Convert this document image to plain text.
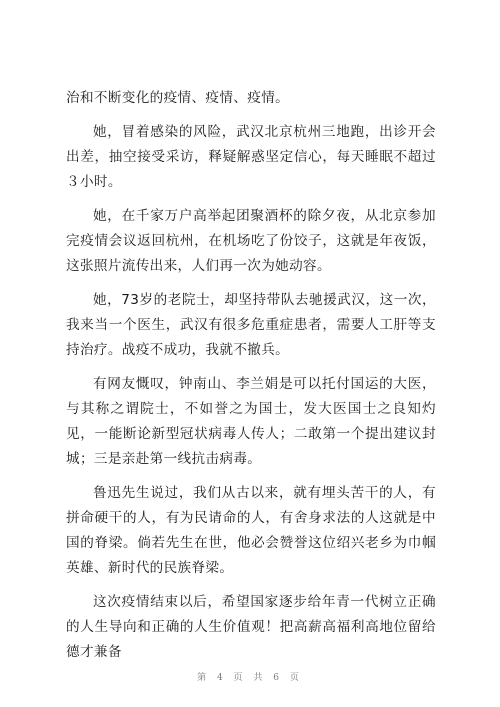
治和不断变化的疫情、疫情、疫情。

她，冒着感染的风险，武汉北京杭州三地跑，出诊开会出差，抽空接受采访，释疑解惑坚定信心，每天睡眠不超过３小时。

她，在千家万户高举起团聚酒杯的除夕夜，从北京参加完疫情会议返回杭州，在机场吃了份饺子，这就是年夜饭，这张照片流传出来，人们再一次为她动容。

她，73岁的老院士，却坚持带队去驰援武汉，这一次，我来当一个医生，武汉有很多危重症患者，需要人工肝等支持治疗。战疫不成功，我就不撤兵。

有网友慨叹，钟南山、李兰娟是可以托付国运的大医，与其称之谓院士，不如誉之为国士，发大医国士之良知灼见，一能断论新型冠状病毒人传人；二敢第一个提出建议封城；三是亲赴第一线抗击病毒。

鲁迅先生说过，我们从古以来，就有埋头苦干的人，有拼命硬干的人，有为民请命的人，有舍身求法的人这就是中国的脊梁。倘若先生在世，他必会赞誉这位绍兴老乡为巾帼英雄、新时代的民族脊梁。

这次疫情结束以后，希望国家逐步给年青一代树立正确的人生导向和正确的人生价值观！把高薪高福利高地位留给德才兼备

第 4 页 共 6 页
